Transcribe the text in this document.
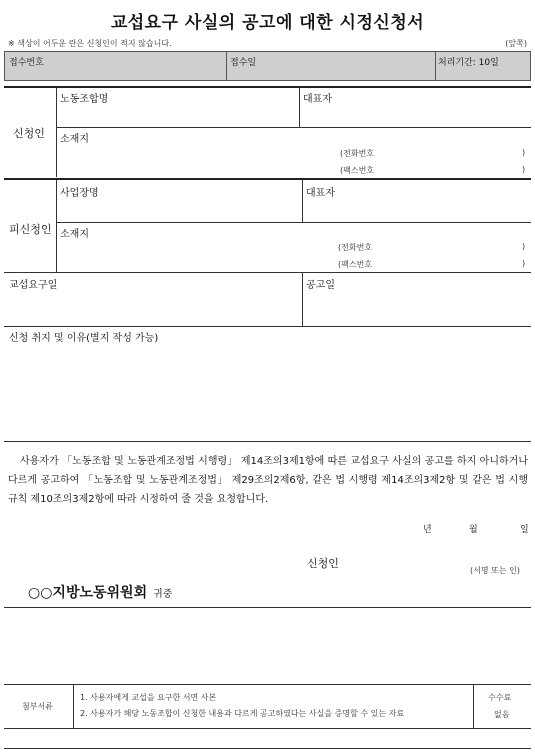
교섭요구 사실의 공고에 대한 시정신청서
※ 색상이 어두운 란은 신청인이 적지 않습니다.	(앞쪽)
접수번호	접수일	처리기간: 10일
신청인
노동조합명	대표자
소재지
(전화번호	)
(팩스번호	)
피신청인
사업장명	대표자
소재지
(전화번호	)
(팩스번호	)
교섭요구일	공고일
신청 취지 및 이유(별지 작성 가능)
사용자가 「노동조합 및 노동관계조정법 시행령」 제14조의3제1항에 따른 교섭요구 사실의 공고를 하지 아니하거나 다르게 공고하여 「노동조합 및 노동관계조정법」 제29조의2제6항, 같은 법 시행령 제14조의3제2항 및 같은 법 시행규칙 제10조의3제2항에 따라 시정하여 줄 것을 요청합니다.
년	월	일
신청인
(서명 또는 인)
○○지방노동위원회 귀중
첨부서류
1. 사용자에게 교섭을 요구한 서면 사본
2. 사용자가 해당 노동조합이 신청한 내용과 다르게 공고하였다는 사실을 증명할 수 있는 자료
수수료
없음
